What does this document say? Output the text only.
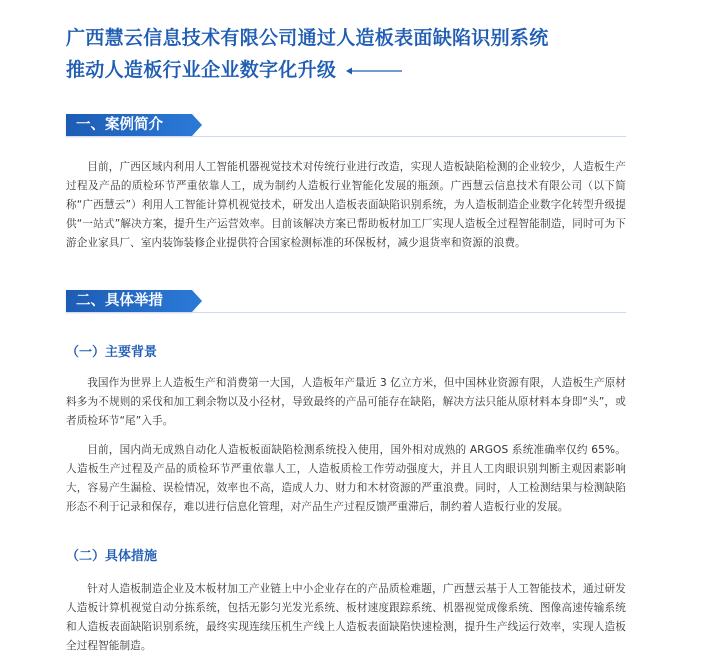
广西慧云信息技术有限公司通过人造板表面缺陷识别系统
推动人造板行业企业数字化升级
一、案例简介
目前，广西区域内利用人工智能机器视觉技术对传统行业进行改造，实现人造板缺陷检测的企业较少，人造板生产过程及产品的质检环节严重依靠人工，成为制约人造板行业智能化发展的瓶颈。广西慧云信息技术有限公司（以下简称“广西慧云”）利用人工智能计算机视觉技术，研发出人造板表面缺陷识别系统，为人造板制造企业数字化转型升级提供“一站式”解决方案，提升生产运营效率。目前该解决方案已帮助板材加工厂实现人造板全过程智能制造，同时可为下游企业家具厂、室内装饰装修企业提供符合国家检测标准的环保板材，减少退货率和资源的浪费。
二、具体举措
（一）主要背景
我国作为世界上人造板生产和消费第一大国，人造板年产量近 3 亿立方米，但中国林业资源有限，人造板生产原材料多为不规则的采伐和加工剩余物以及小径材，导致最终的产品可能存在缺陷，解决方法只能从原材料本身即“头”，或者质检环节“尾”入手。
目前，国内尚无成熟自动化人造板板面缺陷检测系统投入使用，国外相对成熟的 ARGOS 系统准确率仅约 65%。人造板生产过程及产品的质检环节严重依靠人工，人造板质检工作劳动强度大，并且人工肉眼识别判断主观因素影响大，容易产生漏检、误检情况，效率也不高，造成人力、财力和木材资源的严重浪费。同时，人工检测结果与检测缺陷形态不利于记录和保存，难以进行信息化管理，对产品生产过程反馈严重滞后，制约着人造板行业的发展。
（二）具体措施
针对人造板制造企业及木板材加工产业链上中小企业存在的产品质检难题，广西慧云基于人工智能技术，通过研发人造板计算机视觉自动分拣系统，包括无影匀光发光系统、板材速度跟踪系统、机器视觉成像系统、图像高速传输系统和人造板表面缺陷识别系统，最终实现连续压机生产线上人造板表面缺陷快速检测，提升生产线运行效率，实现人造板全过程智能制造。
